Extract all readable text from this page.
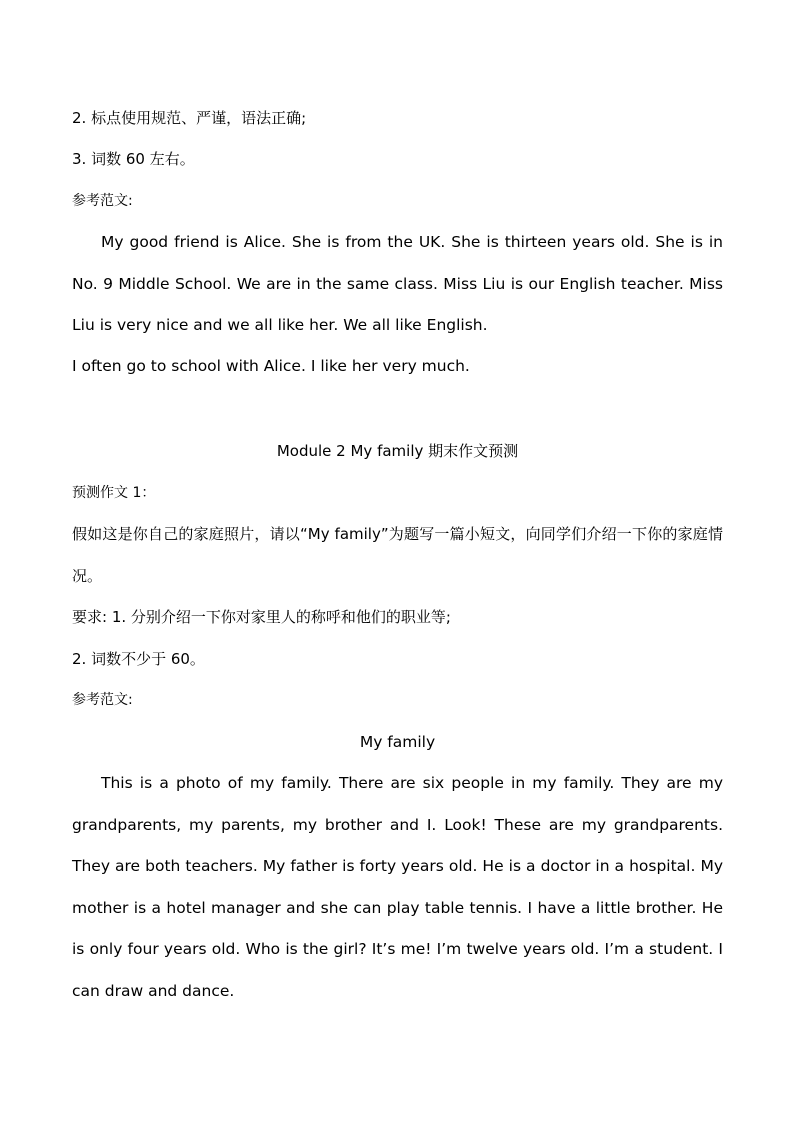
2. 标点使用规范、严谨，语法正确;
3. 词数 60 左右。
参考范文:
My good friend is Alice. She is from the UK. She is thirteen years old. She is in No. 9 Middle School. We are in the same class. Miss Liu is our English teacher. Miss Liu is very nice and we all like her. We all like English.
I often go to school with Alice. I like her very much.
Module 2 My family 期末作文预测
预测作文 1：
假如这是你自己的家庭照片，请以“My family”为题写一篇小短文，向同学们介绍一下你的家庭情况。
要求: 1. 分别介绍一下你对家里人的称呼和他们的职业等;
2. 词数不少于 60。
参考范文:
My family
This is a photo of my family. There are six people in my family. They are my grandparents, my parents, my brother and I. Look! These are my grandparents. They are both teachers. My father is forty years old. He is a doctor in a hospital. My mother is a hotel manager and she can play table tennis. I have a little brother. He is only four years old. Who is the girl? It’s me! I’m twelve years old. I’m a student. I can draw and dance.
